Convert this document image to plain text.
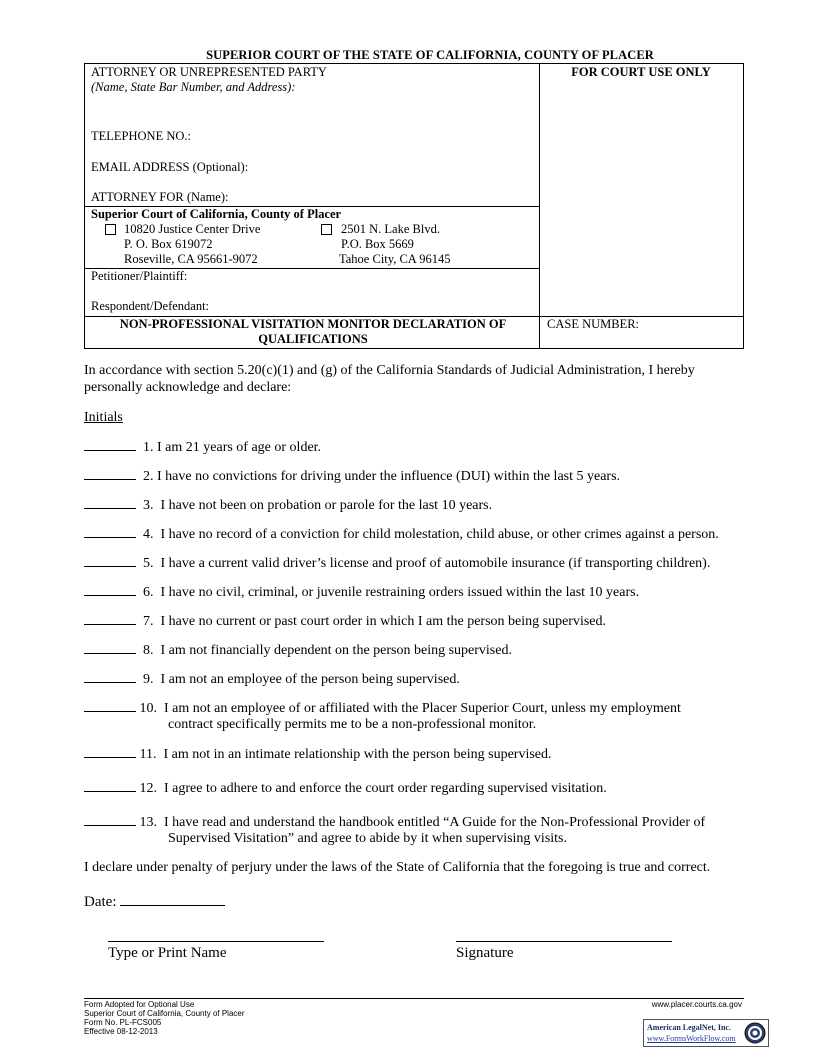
SUPERIOR COURT OF THE STATE OF CALIFORNIA, COUNTY OF PLACER
ATTORNEY OR UNREPRESENTED PARTY
(Name, State Bar Number, and Address):
TELEPHONE NO.:
EMAIL ADDRESS (Optional):
ATTORNEY FOR (Name):
FOR COURT USE ONLY
Superior Court of California, County of Placer
10820 Justice Center Drive
P. O. Box 619072
Roseville, CA 95661-9072
2501 N. Lake Blvd.
P.O. Box 5669
Tahoe City, CA 96145
Petitioner/Plaintiff:
Respondent/Defendant:
NON-PROFESSIONAL VISITATION MONITOR DECLARATION OF QUALIFICATIONS
CASE NUMBER:
In accordance with section 5.20(c)(1) and (g) of the California Standards of Judicial Administration, I hereby personally acknowledge and declare:
Initials
1. I am 21 years of age or older.
2. I have no convictions for driving under the influence (DUI) within the last 5 years.
3. I have not been on probation or parole for the last 10 years.
4. I have no record of a conviction for child molestation, child abuse, or other crimes against a person.
5. I have a current valid driver’s license and proof of automobile insurance (if transporting children).
6. I have no civil, criminal, or juvenile restraining orders issued within the last 10 years.
7. I have no current or past court order in which I am the person being supervised.
8. I am not financially dependent on the person being supervised.
9. I am not an employee of the person being supervised.
10. I am not an employee of or affiliated with the Placer Superior Court, unless my employment
contract specifically permits me to be a non-professional monitor.
11. I am not in an intimate relationship with the person being supervised.
12. I agree to adhere to and enforce the court order regarding supervised visitation.
13. I have read and understand the handbook entitled “A Guide for the Non-Professional Provider of
Supervised Visitation” and agree to abide by it when supervising visits.
I declare under penalty of perjury under the laws of the State of California that the foregoing is true and correct.
Date:
Type or Print Name	Signature
Form Adopted for Optional Use
Superior Court of California, County of Placer
Form No. PL-FCS005
Effective 08-12-2013
www.placer.courts.ca.gov
American LegalNet, Inc.
www.FormsWorkFlow.com
